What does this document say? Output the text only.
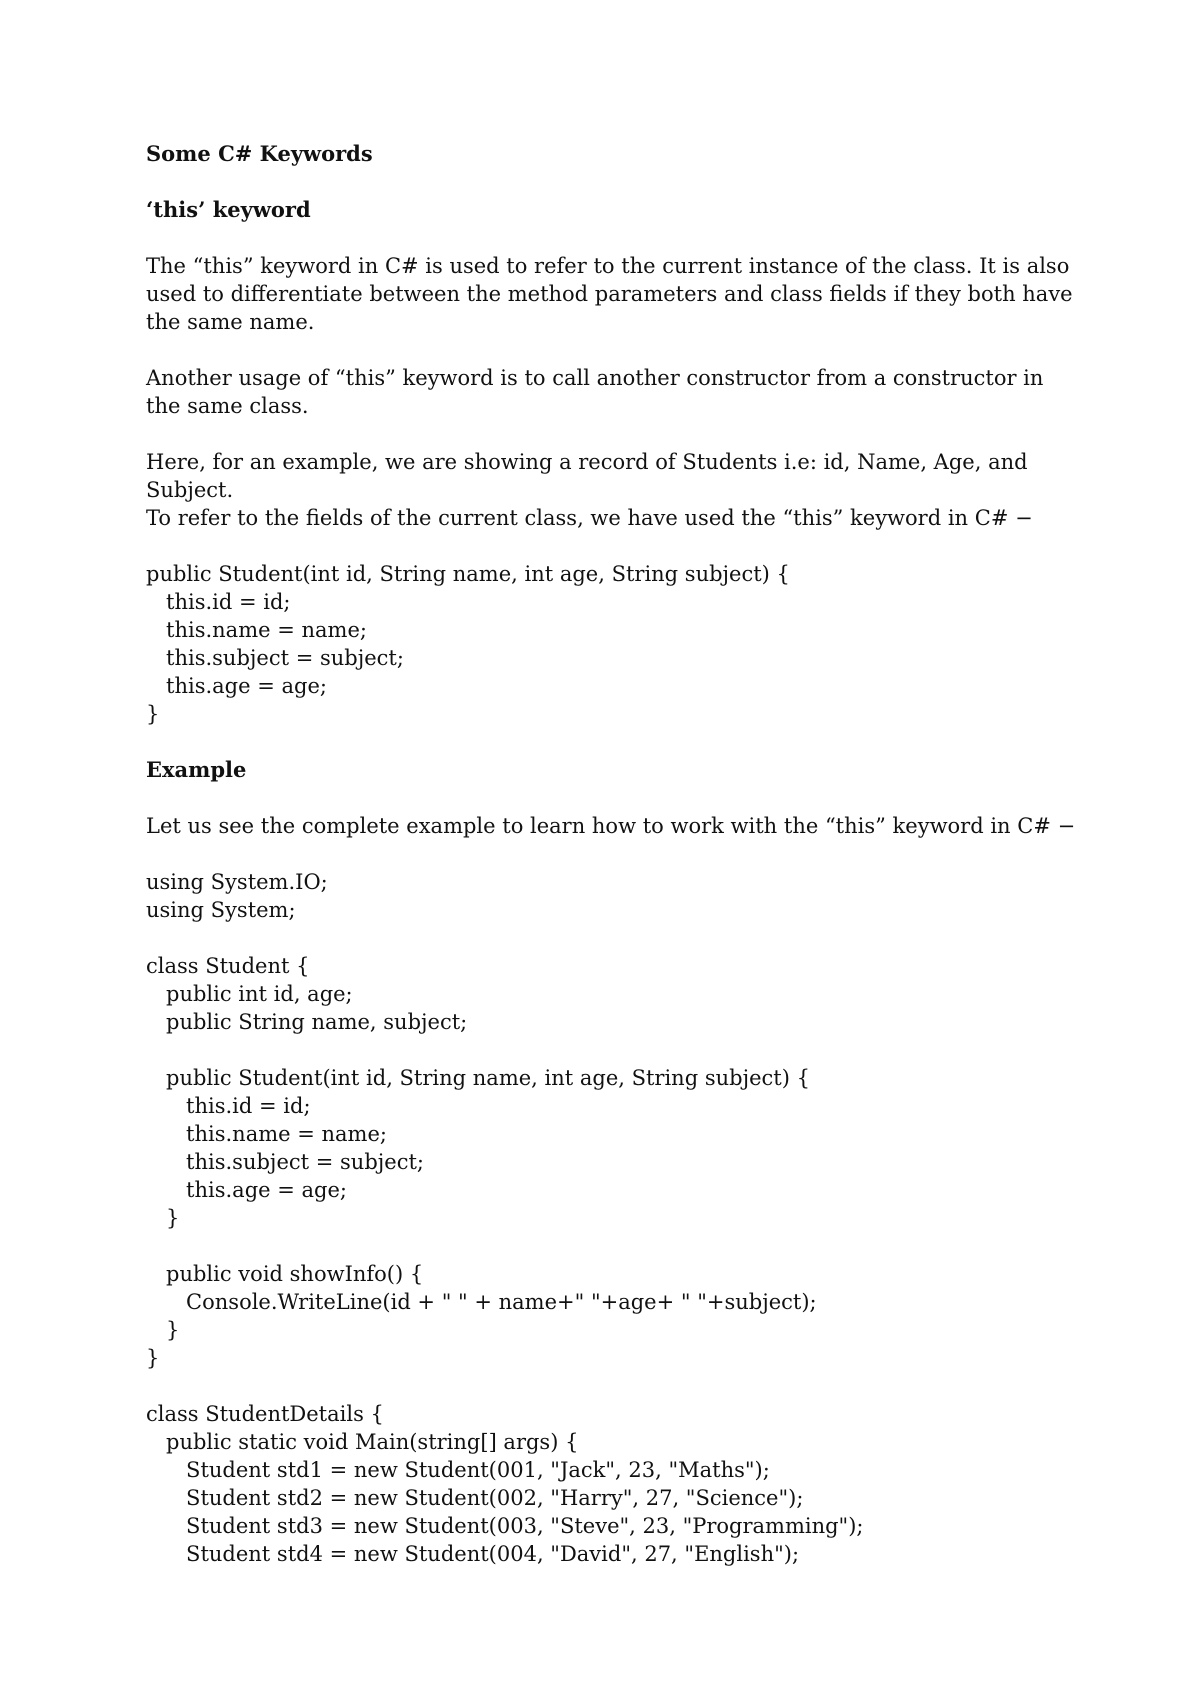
Some C# Keywords

‘this’ keyword

The “this” keyword in C# is used to refer to the current instance of the class. It is also used to differentiate between the method parameters and class fields if they both have the same name.

Another usage of “this” keyword is to call another constructor from a constructor in the same class.

Here, for an example, we are showing a record of Students i.e: id, Name, Age, and Subject.

To refer to the fields of the current class, we have used the “this” keyword in C# −

public Student(int id, String name, int age, String subject) {

this.id = id;

this.name = name;

this.subject = subject;

this.age = age;

}

Example

Let us see the complete example to learn how to work with the “this” keyword in C# −

using System.IO;

using System;

class Student {

public int id, age;

public String name, subject;

public Student(int id, String name, int age, String subject) {

this.id = id;

this.name = name;

this.subject = subject;

this.age = age;

}

public void showInfo() {

Console.WriteLine(id + " " + name+" "+age+ " "+subject);

}

}

class StudentDetails {

public static void Main(string[] args) {

Student std1 = new Student(001, "Jack", 23, "Maths");

Student std2 = new Student(002, "Harry", 27, "Science");

Student std3 = new Student(003, "Steve", 23, "Programming");

Student std4 = new Student(004, "David", 27, "English");
